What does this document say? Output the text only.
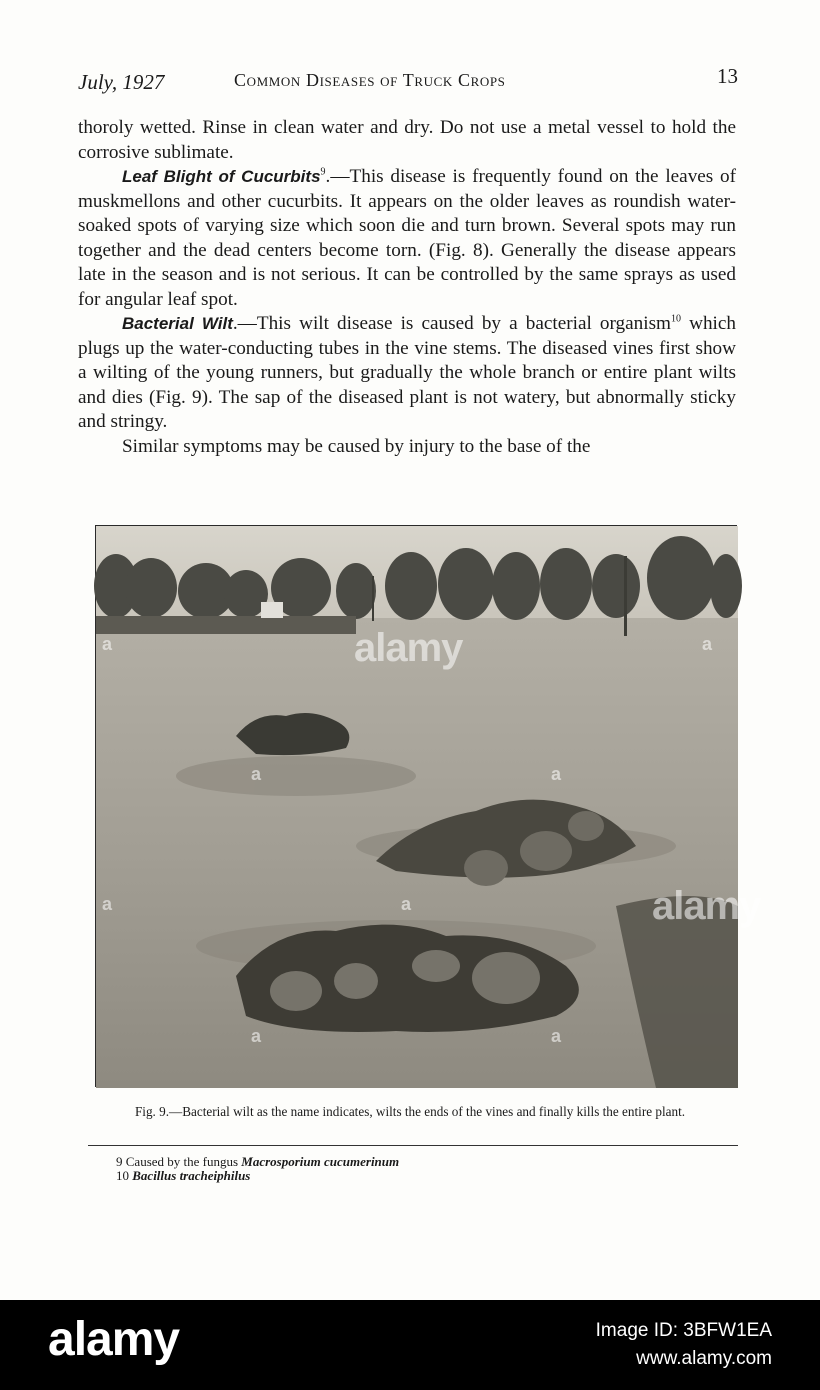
July, 1927	Common Diseases of Truck Crops	13

thoroly wetted. Rinse in clean water and dry. Do not use a metal vessel to hold the corrosive sublimate.

Leaf Blight of Cucurbits$^9$.—This disease is frequently found on the leaves of muskmellons and other cucurbits. It appears on the older leaves as roundish water-soaked spots of varying size which soon die and turn brown. Several spots may run together and the dead centers become torn. (Fig. 8). Generally the disease appears late in the season and is not serious. It can be controlled by the same sprays as used for angular leaf spot.

Bacterial Wilt.—This wilt disease is caused by a bacterial organism$^{10}$ which plugs up the water-conducting tubes in the vine stems. The diseased vines first show a wilting of the young runners, but gradually the whole branch or entire plant wilts and dies (Fig. 9). The sap of the diseased plant is not watery, but abnormally sticky and stringy.

Similar symptoms may be caused by injury to the base of the

alamy
alamy
a	a
a	a
a	a
a	a
Fig. 9.—Bacterial wilt as the name indicates, wilts the ends of the vines and finally kills the entire plant.
9 Caused by the fungus Macrosporium cucumerinum
10 Bacillus tracheiphilus
alamy	Image ID: 3BFW1EA
www.alamy.com
